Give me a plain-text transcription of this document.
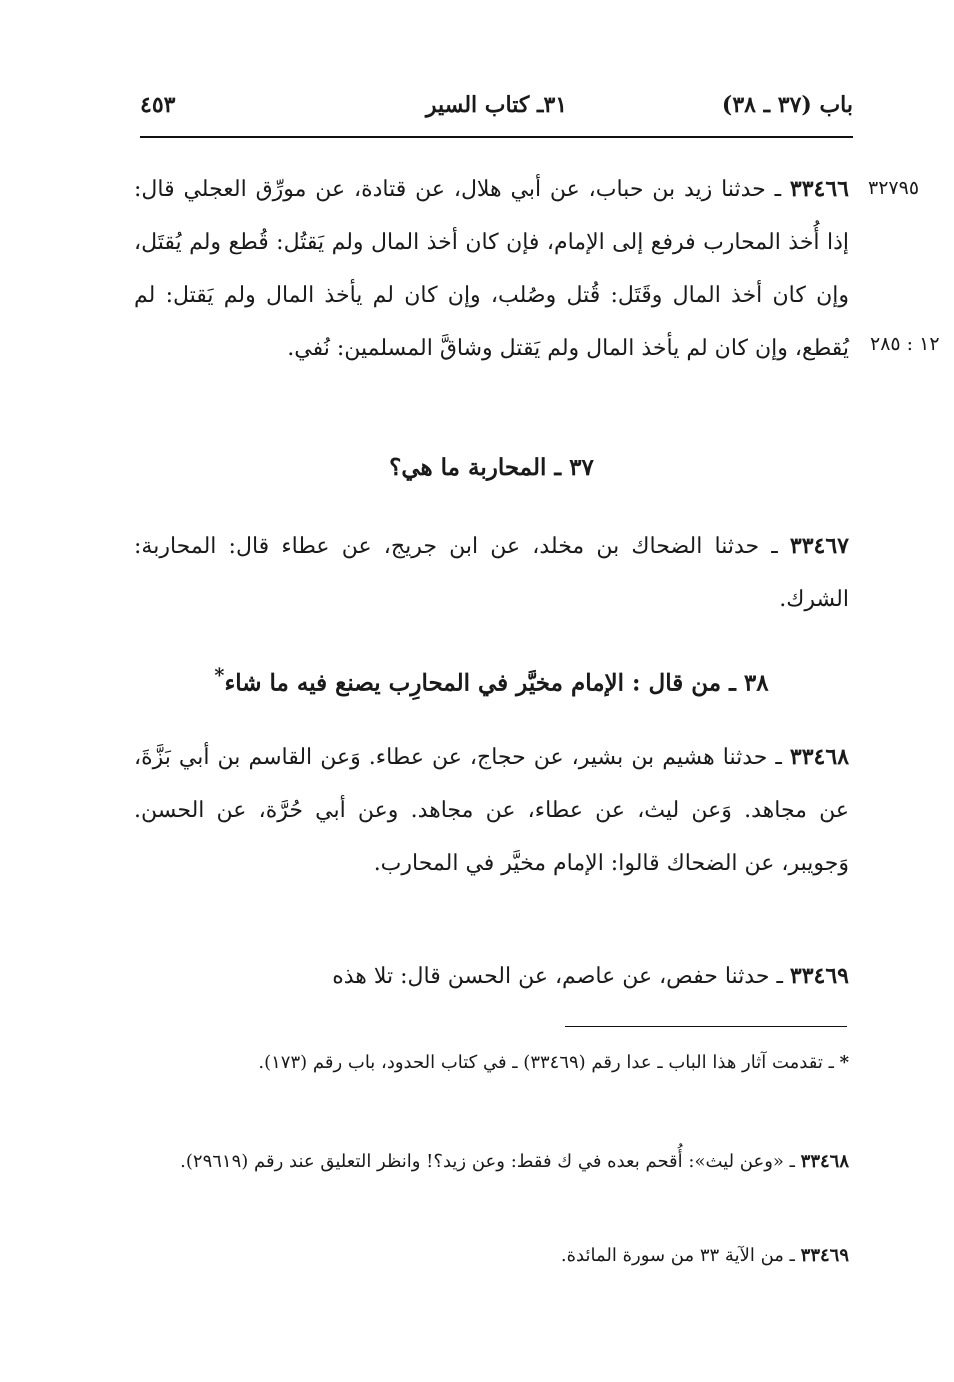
باب (٣٧ ـ ٣٨)
٣١ـ كتاب السير
٤٥٣
٣٢٧٩٥
١٢ : ٢٨٥
٣٣٤٦٦ ـ حدثنا زيد بن حباب، عن أبي هلال، عن قتادة، عن مورِّق العجلي قال: إذا أُخذ المحارب فرفع إلى الإمام، فإن كان أخذ المال ولم يَقتُل: قُطع ولم يُقتَل، وإن كان أخذ المال وقَتَل: قُتل وصُلب، وإن كان لم يأخذ المال ولم يَقتل: لم يُقطع، وإن كان لم يأخذ المال ولم يَقتل وشاقَّ المسلمين: نُفي.
٣٧ ـ المحاربة ما هي؟
٣٣٤٦٧ ـ حدثنا الضحاك بن مخلد، عن ابن جريج، عن عطاء قال: المحاربة: الشرك.
٣٨ ـ من قال : الإمام مخيَّر في المحارِب يصنع فيه ما شاء*
٣٣٤٦٨ ـ حدثنا هشيم بن بشير، عن حجاج، عن عطاء. وَعن القاسم بن أبي بَزَّةَ، عن مجاهد. وَعن ليث، عن عطاء، عن مجاهد. وعن أبي حُرَّة، عن الحسن. وَجويبر، عن الضحاك قالوا: الإمام مخيَّر في المحارب.
٣٣٤٦٩ ـ حدثنا حفص، عن عاصم، عن الحسن قال: تلا هذه
* ـ تقدمت آثار هذا الباب ـ عدا رقم (٣٣٤٦٩) ـ في كتاب الحدود، باب رقم (١٧٣).
٣٣٤٦٨ ـ «وعن ليث»: أُقحم بعده في ك فقط: وعن زيد؟! وانظر التعليق عند رقم (٢٩٦١٩).
٣٣٤٦٩ ـ من الآية ٣٣ من سورة المائدة.
